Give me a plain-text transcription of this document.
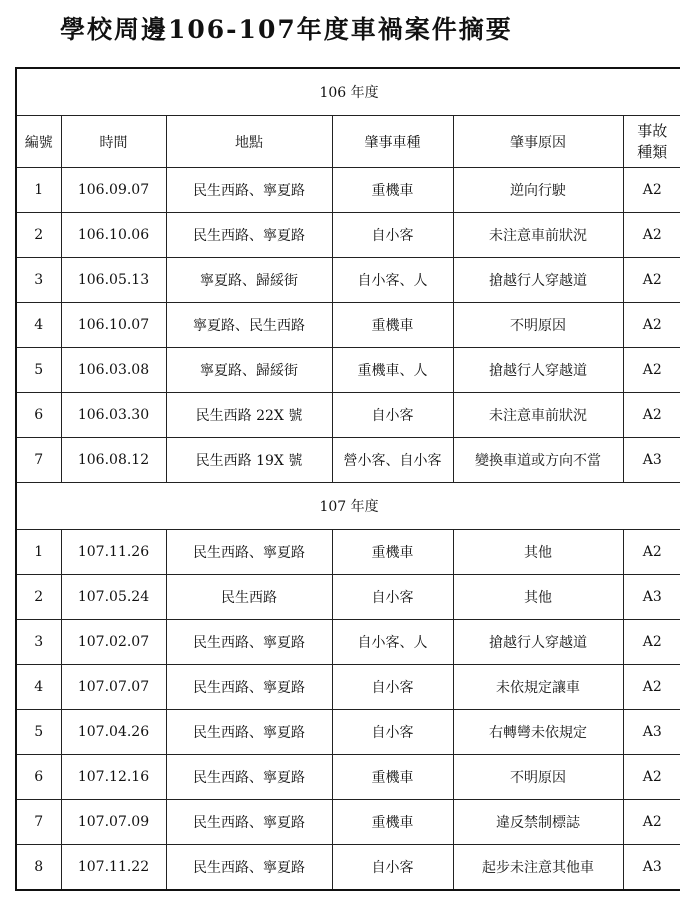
學校周邊106-107年度車禍案件摘要
106 年度					
編號	時間	地點	肇事車種	肇事原因	事故
種類
1	106.09.07	民生西路、寧夏路	重機車	逆向行駛	A2
2	106.10.06	民生西路、寧夏路	自小客	未注意車前狀況	A2
3	106.05.13	寧夏路、歸綏街	自小客、人	搶越行人穿越道	A2
4	106.10.07	寧夏路、民生西路	重機車	不明原因	A2
5	106.03.08	寧夏路、歸綏街	重機車、人	搶越行人穿越道	A2
6	106.03.30	民生西路 22X 號	自小客	未注意車前狀況	A2
7	106.08.12	民生西路 19X 號	營小客、自小客	變換車道或方向不當	A3
107 年度					
1	107.11.26	民生西路、寧夏路	重機車	其他	A2
2	107.05.24	民生西路	自小客	其他	A3
3	107.02.07	民生西路、寧夏路	自小客、人	搶越行人穿越道	A2
4	107.07.07	民生西路、寧夏路	自小客	未依規定讓車	A2
5	107.04.26	民生西路、寧夏路	自小客	右轉彎未依規定	A3
6	107.12.16	民生西路、寧夏路	重機車	不明原因	A2
7	107.07.09	民生西路、寧夏路	重機車	違反禁制標誌	A2
8	107.11.22	民生西路、寧夏路	自小客	起步未注意其他車	A3
